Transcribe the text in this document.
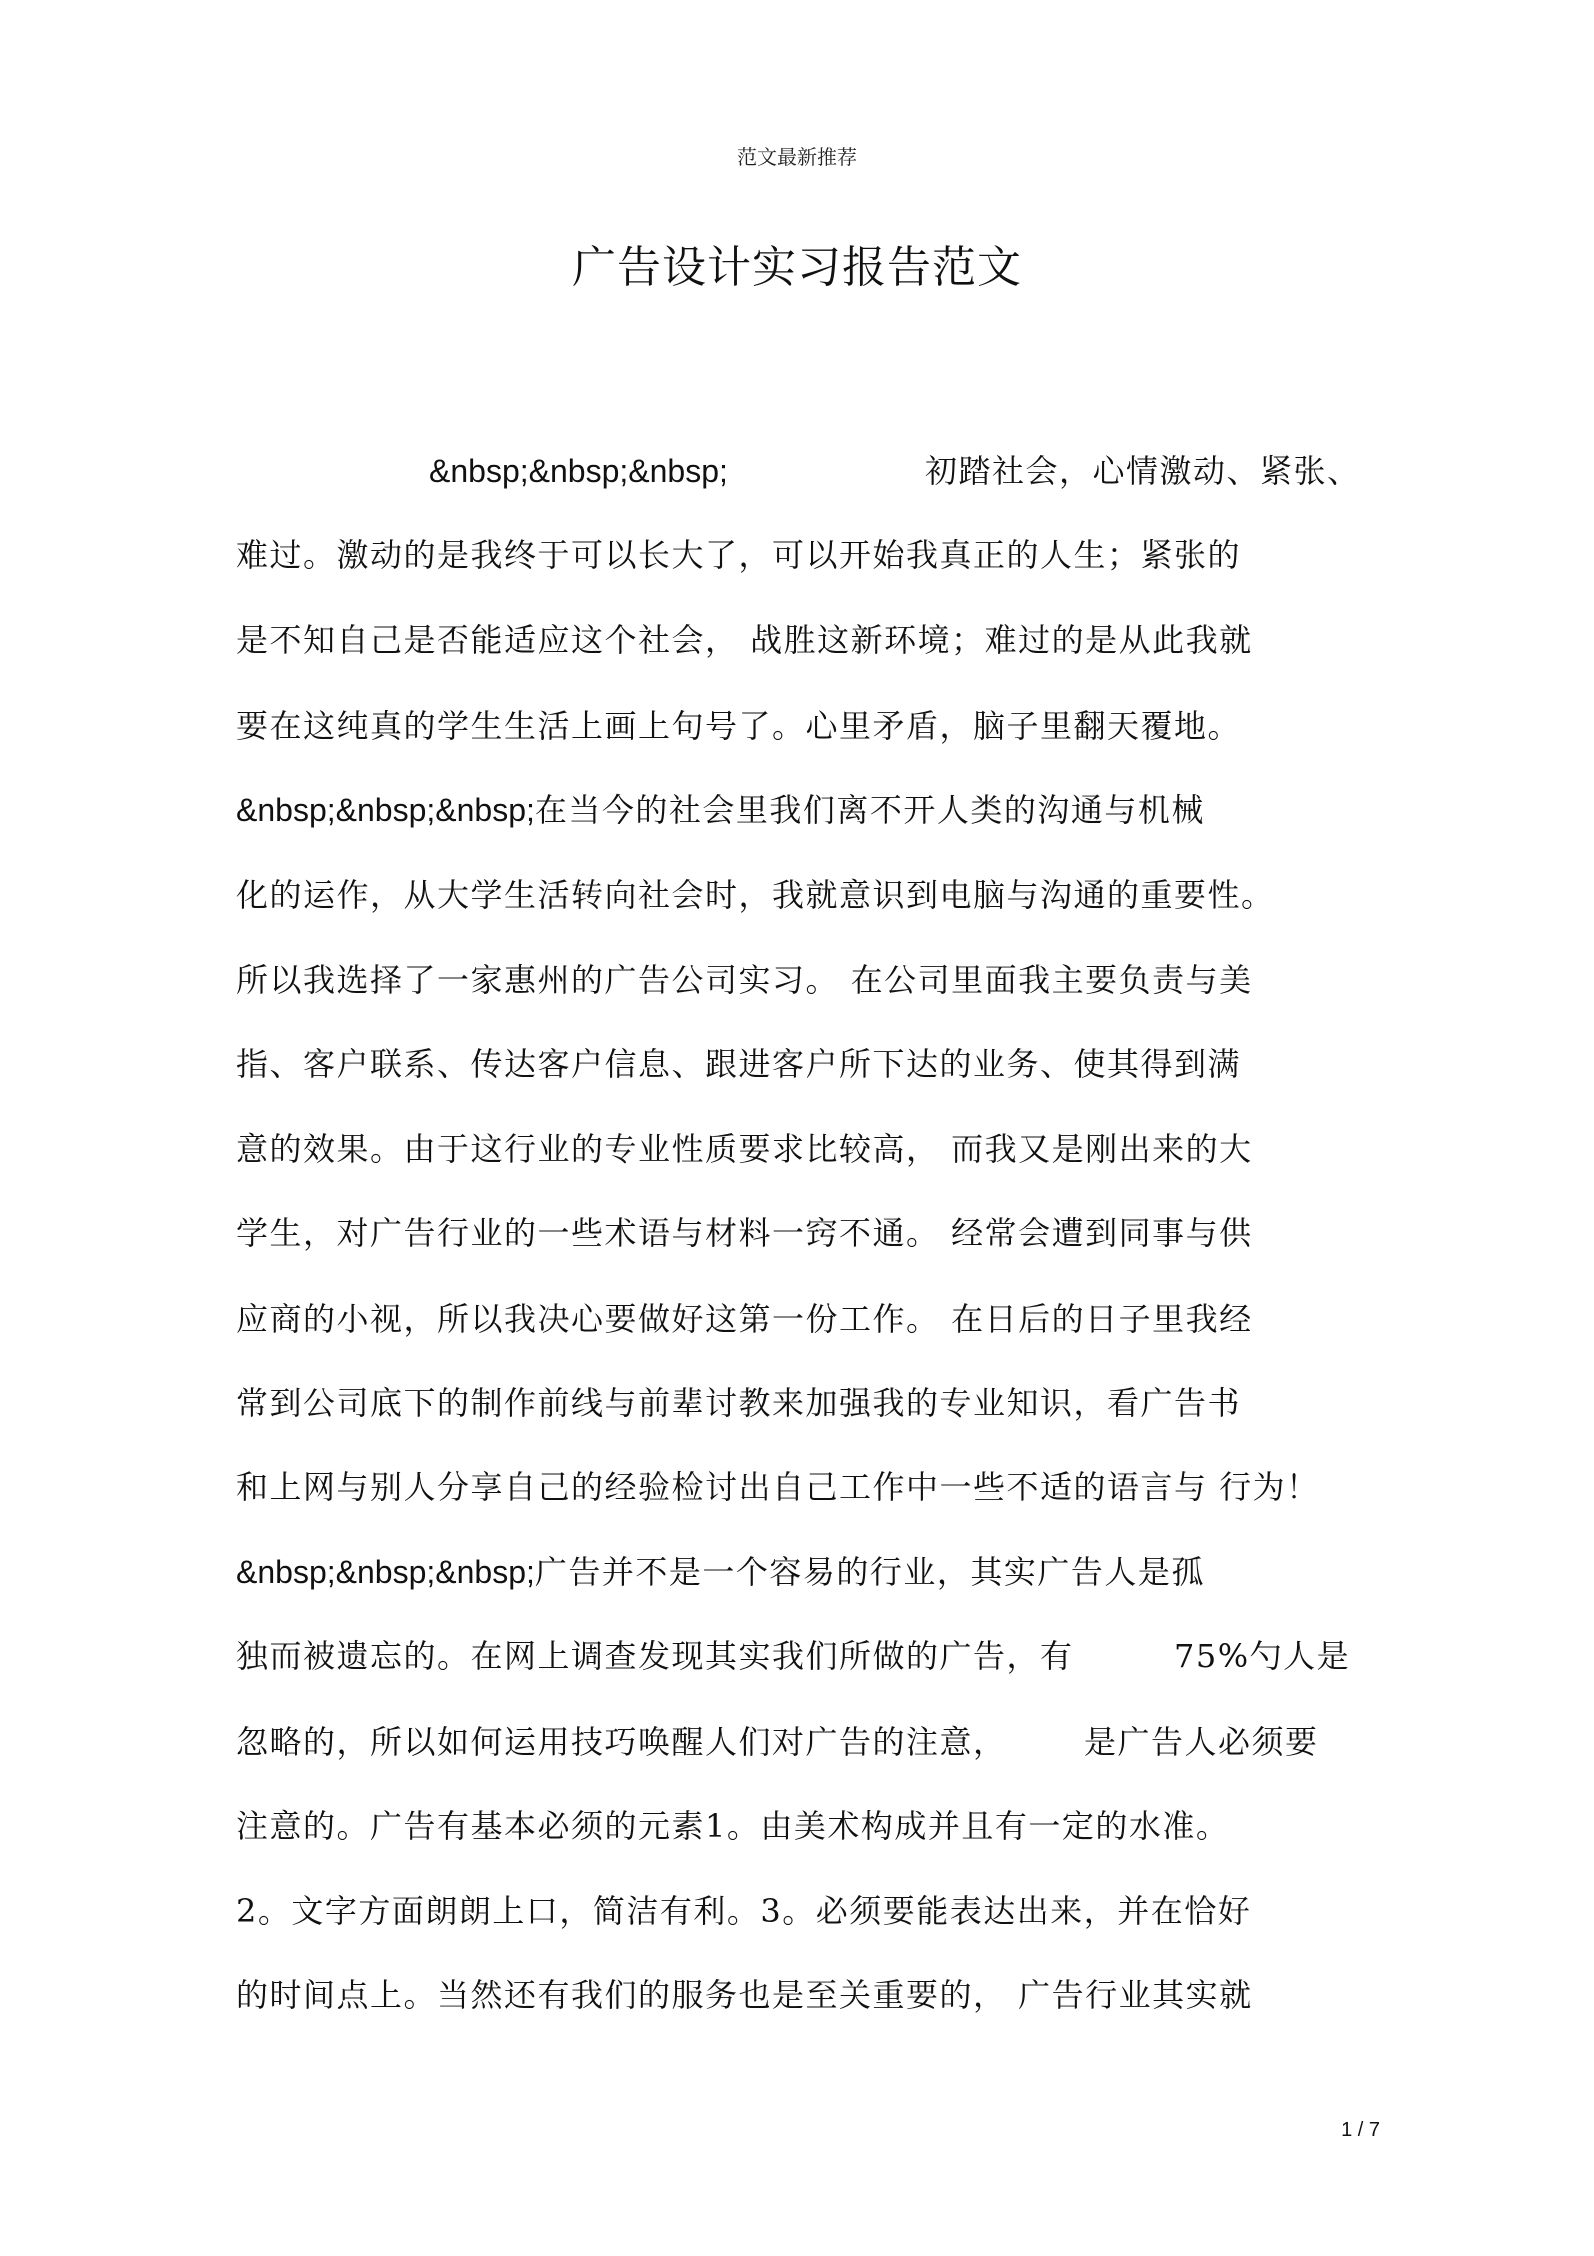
范文最新推荐
广告设计实习报告范文

&nbsp;&nbsp;&nbsp;

	初踏社会，心情激动、紧张、

难过。激动的是我终于可以长大了，可以开始我真正的人生；紧张的
是不知自己是否能适应这个社会， 战胜这新环境；难过的是从此我就
要在这纯真的学生生活上画上句号了。心里矛盾，脑子里翻天覆地。
&nbsp;&nbsp;&nbsp;在当今的社会里我们离不开人类的沟通与机械
化的运作，从大学生活转向社会时，我就意识到电脑与沟通的重要性。
所以我选择了一家惠州的广告公司实习。 在公司里面我主要负责与美
指、客户联系、传达客户信息、跟进客户所下达的业务、使其得到满
意的效果。由于这行业的专业性质要求比较高， 而我又是刚出来的大
学生，对广告行业的一些术语与材料一窍不通。 经常会遭到同事与供
应商的小视，所以我决心要做好这第一份工作。 在日后的日子里我经
常到公司底下的制作前线与前辈讨教来加强我的专业知识，看广告书
和上网与别人分享自己的经验检讨出自己工作中一些不适的语言与 行为！
&nbsp;&nbsp;&nbsp;广告并不是一个容易的行业，其实广告人是孤

独而被遗忘的。在网上调查发现其实我们所做的广告，有

	75%勺人是

忽略的，所以如何运用技巧唤醒人们对广告的注意，

是广告人必须要

注意的。广告有基本必须的元素1。由美术构成并且有一定的水准。
2。文字方面朗朗上口，简洁有利。3。必须要能表达出来，并在恰好
的时间点上。当然还有我们的服务也是至关重要的， 广告行业其实就
1 / 7
